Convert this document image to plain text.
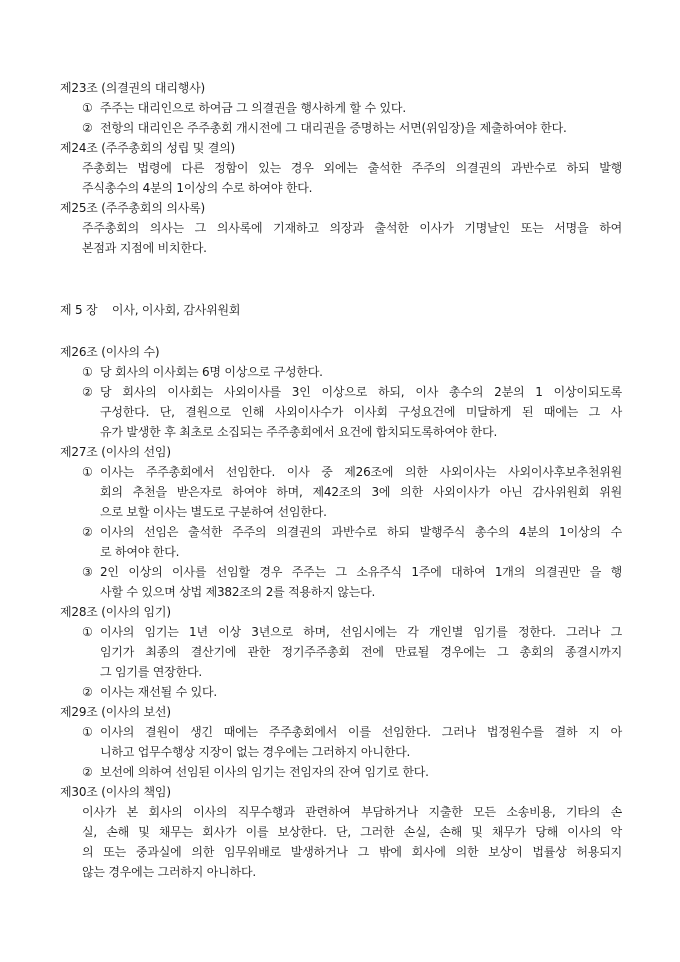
제23조 (의결권의 대리행사)
① 주주는 대리인으로 하여금 그 의결권을 행사하게 할 수 있다.
② 전항의 대리인은 주주총회 개시전에 그 대리권을 증명하는 서면(위임장)을 제출하여야 한다.
제24조 (주주총회의 성립 및 결의)
주총회는 법령에 다른 정함이 있는 경우 외에는 출석한 주주의 의결권의 과반수로 하되 발행
주식총수의 4분의 1이상의 수로 하여야 한다.
제25조 (주주총회의 의사록)
주주총회의 의사는 그 의사록에 기재하고 의장과 출석한 이사가 기명날인 또는 서명을 하여
본점과 지점에 비치한다.
제 5 장    이사, 이사회, 감사위원회
제26조 (이사의 수)
① 당 회사의 이사회는 6명 이상으로 구성한다.
② 당 회사의 이사회는 사외이사를 3인 이상으로 하되, 이사 총수의 2분의 1 이상이되도록
구성한다. 단, 결원으로 인해 사외이사수가 이사회 구성요건에 미달하게 된 때에는 그 사
유가 발생한 후 최초로 소집되는 주주총회에서 요건에 합치되도록하여야 한다.
제27조 (이사의 선임)
① 이사는 주주총회에서 선임한다. 이사 중 제26조에 의한 사외이사는 사외이사후보추천위원
회의 추천을 받은자로 하여야 하며, 제42조의 3에 의한 사외이사가 아닌 감사위원회 위원
으로 보할 이사는 별도로 구분하여 선임한다.
② 이사의 선임은 출석한 주주의 의결권의 과반수로 하되 발행주식 총수의 4분의 1이상의 수
로 하여야 한다.
③ 2인 이상의 이사를 선임할 경우 주주는 그 소유주식 1주에 대하여 1개의 의결권만 을 행
사할 수 있으며 상법 제382조의 2를 적용하지 않는다.
제28조 (이사의 임기)
① 이사의 임기는 1년 이상 3년으로 하며, 선임시에는 각 개인별 임기를 정한다. 그러나 그
임기가 최종의 결산기에 관한 정기주주총회 전에 만료될 경우에는 그 총회의 종결시까지
그 임기를 연장한다.
② 이사는 재선될 수 있다.
제29조 (이사의 보선)
① 이사의 결원이 생긴 때에는 주주총회에서 이를 선임한다. 그러나 법정원수를 결하 지 아
니하고 업무수행상 지장이 없는 경우에는 그러하지 아니한다.
② 보선에 의하여 선임된 이사의 임기는 전임자의 잔여 임기로 한다.
제30조 (이사의 책임)
이사가 본 회사의 이사의 직무수행과 관련하여 부담하거나 지출한 모든 소송비용, 기타의 손
실, 손해 및 채무는 회사가 이를 보상한다. 단, 그러한 손실, 손해 및 채무가 당해 이사의 악
의 또는 중과실에 의한 임무위배로 발생하거나 그 밖에 회사에 의한 보상이 법률상 허용되지
않는 경우에는 그러하지 아니하다.
